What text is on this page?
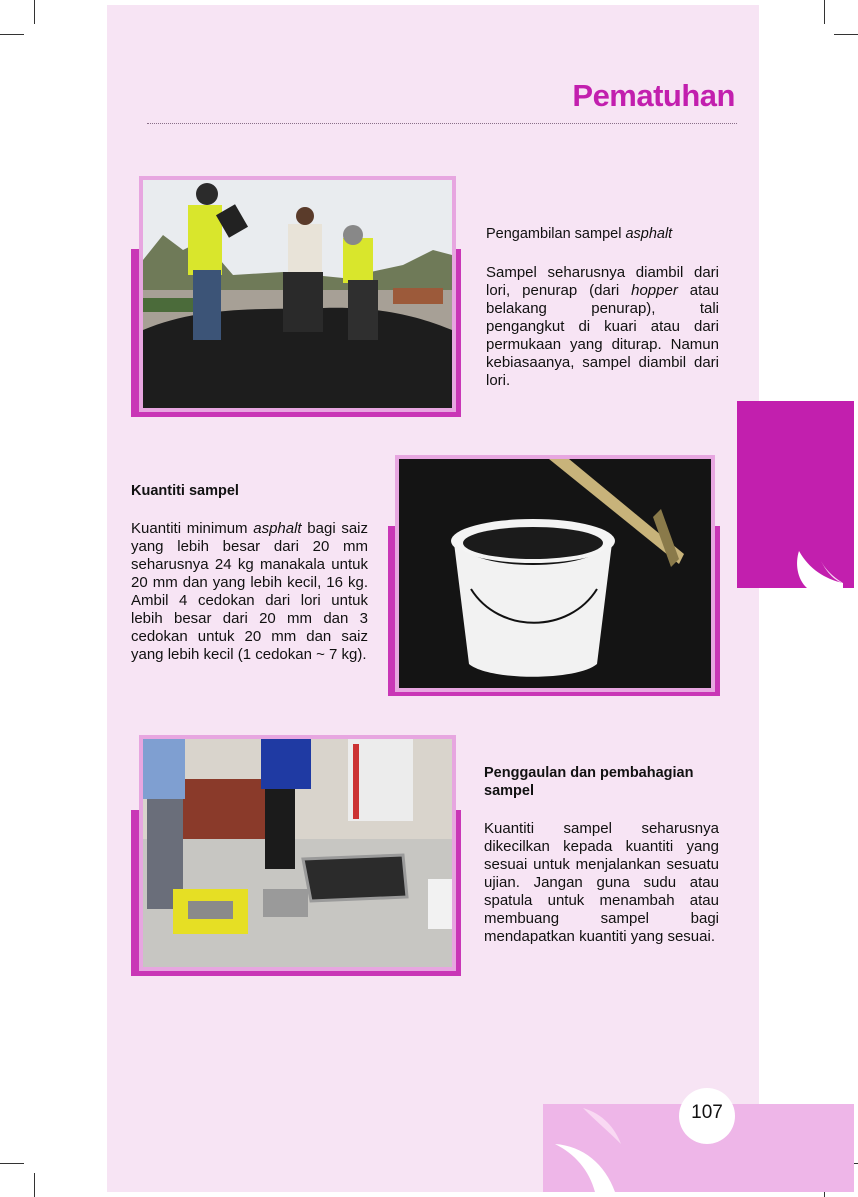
Pematuhan
Pengambilan sampel asphalt
Sampel seharusnya diambil dari lori, penurap (dari hopper atau belakang penurap), tali pengangkut di kuari atau dari permukaan yang diturap. Namun kebiasaanya, sampel diambil dari lori.
Kuantiti sampel
Kuantiti minimum asphalt bagi saiz yang lebih besar dari 20 mm seharusnya 24 kg manakala untuk 20 mm dan yang lebih kecil, 16 kg. Ambil 4 cedokan dari lori untuk lebih besar dari 20 mm dan 3 cedokan untuk 20 mm dan saiz yang lebih kecil (1 cedokan ~ 7 kg).
Penggaulan dan pembahagian sampel
Kuantiti sampel seharusnya dikecilkan kepada kuantiti yang sesuai untuk menjalankan sesuatu ujian. Jangan guna sudu atau spatula untuk menambah atau membuang sampel bagi mendapatkan kuantiti yang sesuai.
107
